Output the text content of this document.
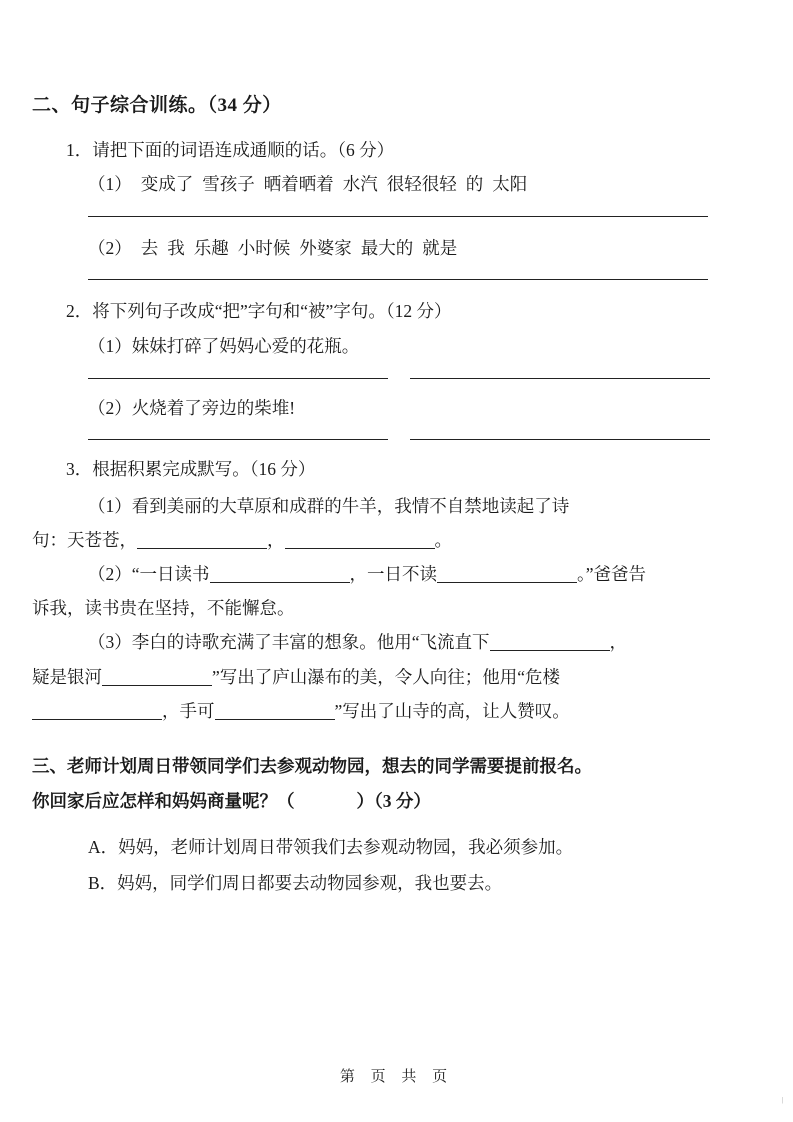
二、句子综合训练。（34 分）
1．请把下面的词语连成通顺的话。（6 分）
（1） 变成了 雪孩子 晒着晒着 水汽 很轻很轻 的 太阳
（2） 去 我 乐趣 小时候 外婆家 最大的 就是
2．将下列句子改成“把”字句和“被”字句。（12 分）
（1）妹妹打碎了妈妈心爱的花瓶。
（2）火烧着了旁边的柴堆!
3．根据积累完成默写。（16 分）
（1）看到美丽的大草原和成群的牛羊，我情不自禁地读起了诗
句：天苍苍，	，	。
（2）“一日读书	，一日不读	。”爸爸告
诉我，读书贵在坚持，不能懈怠。
（3）李白的诗歌充满了丰富的想象。他用“飞流直下	，
疑是银河	”写出了庐山瀑布的美，令人向往；他用“危楼
，手可	”写出了山寺的高，让人赞叹。
三、老师计划周日带领同学们去参观动物园，想去的同学需要提前报名。
你回家后应怎样和妈妈商量呢？（	）（3 分）
A．妈妈，老师计划周日带领我们去参观动物园，我必须参加。
B．妈妈，同学们周日都要去动物园参观，我也要去。
第 页 共 页
|
